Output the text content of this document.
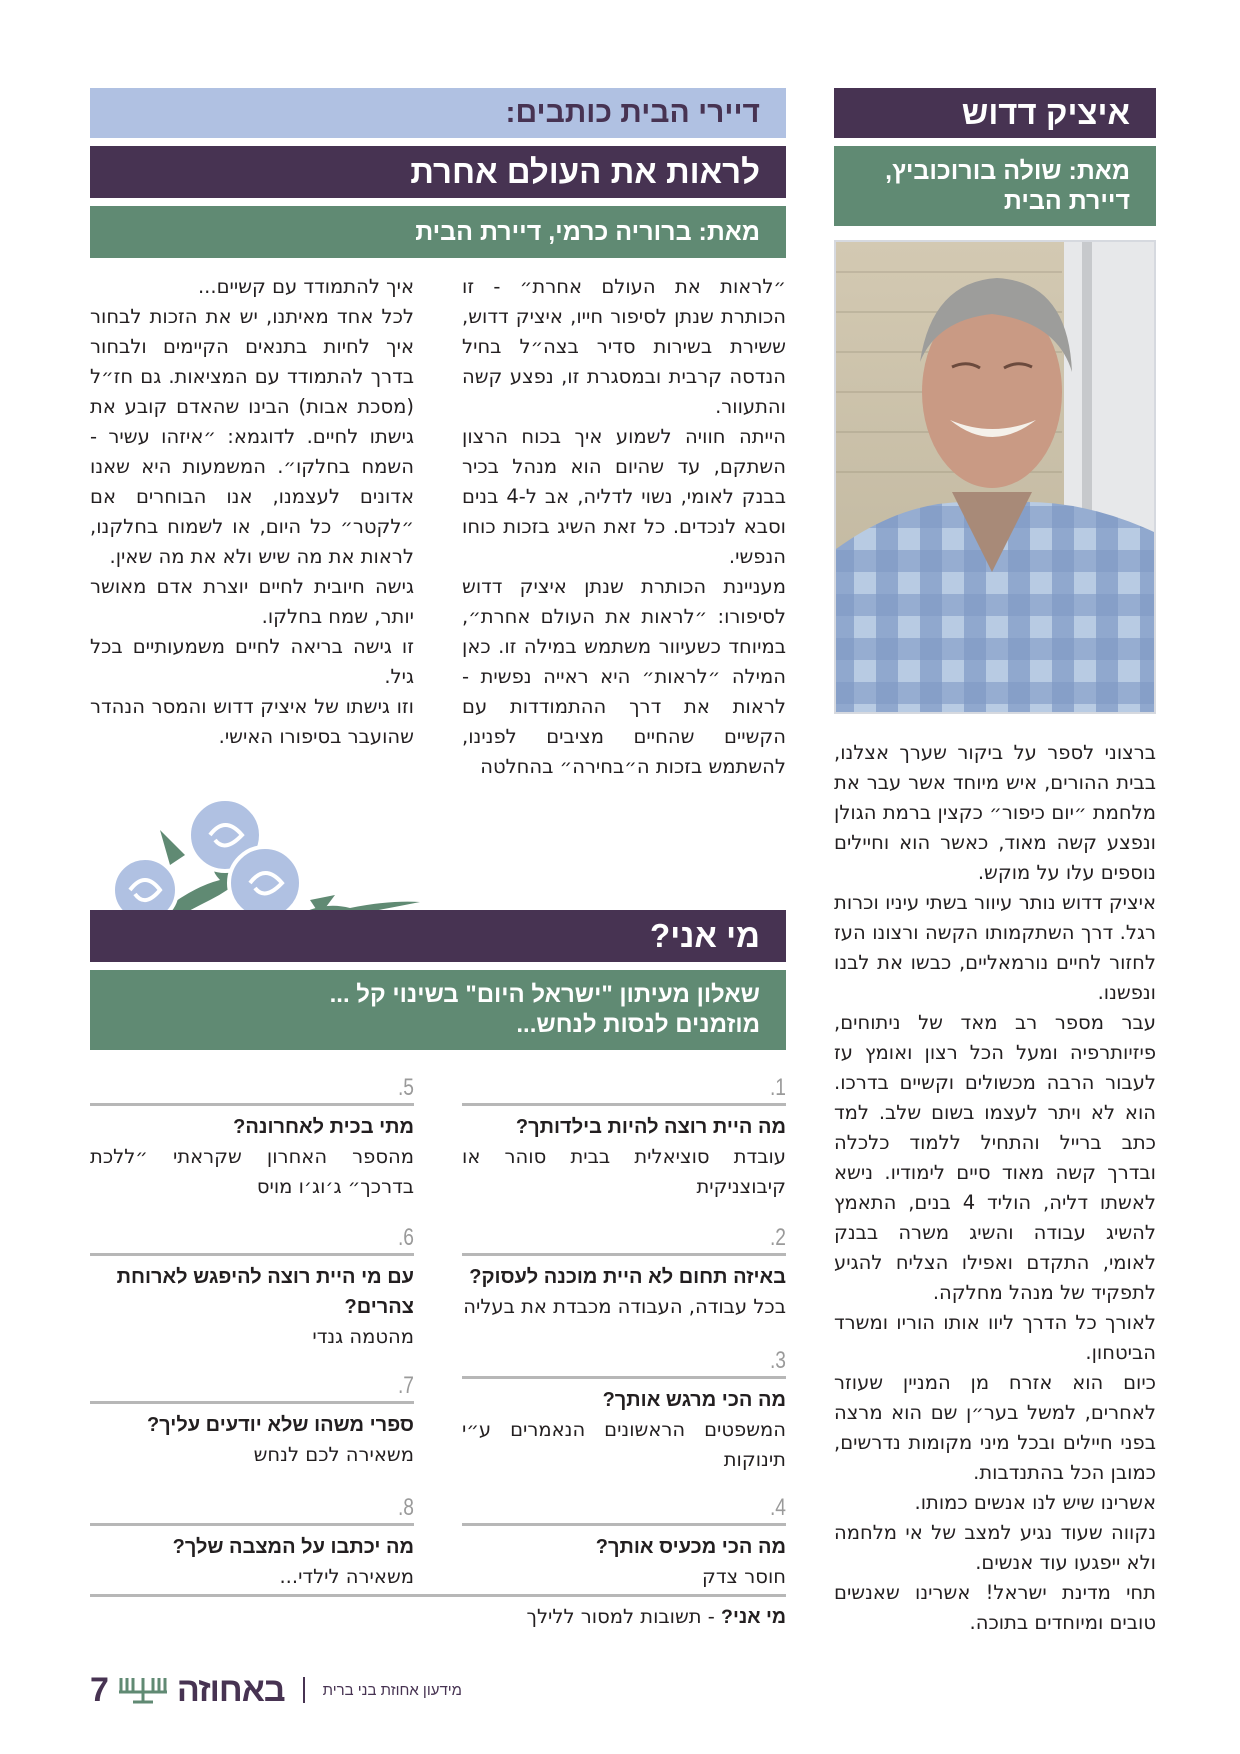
איציק דדוש
מאת: שולה בורוכוביץ,
דיירת הבית

ברצוני לספר על ביקור שערך אצלנו, בבית ההורים, איש מיוחד אשר עבר את מלחמת ״יום כיפור״ כקצין ברמת הגולן ונפצע קשה מאוד, כאשר הוא וחיילים נוספים עלו על מוקש.

איציק דדוש נותר עיוור בשתי עיניו וכרות רגל. דרך השתקמותו הקשה ורצונו העז לחזור לחיים נורמאליים, כבשו את לבנו ונפשנו.

עבר מספר רב מאד של ניתוחים, פיזיותרפיה ומעל הכל רצון ואומץ עז לעבור הרבה מכשולים וקשיים בדרכו. הוא לא ויתר לעצמו בשום שלב. למד כתב ברייל והתחיל ללמוד כלכלה ובדרך קשה מאוד סיים לימודיו. נישא לאשתו דליה, הוליד 4 בנים, התאמץ להשיג עבודה והשיג משרה בבנק לאומי, התקדם ואפילו הצליח להגיע לתפקיד של מנהל מחלקה.

לאורך כל הדרך ליוו אותו הוריו ומשרד הביטחון.

כיום הוא אזרח מן המניין שעוזר לאחרים, למשל בער״ן שם הוא מרצה בפני חיילים ובכל מיני מקומות נדרשים, כמובן הכל בהתנדבות.

אשרינו שיש לנו אנשים כמותו.

נקווה שעוד נגיע למצב של אי מלחמה ולא ייפגעו עוד אנשים.

תחי מדינת ישראל! אשרינו שאנשים טובים ומיוחדים בתוכה.

דיירי הבית כותבים:
לראות את העולם אחרת
מאת: ברוריה כרמי, דיירת הבית

״לראות את העולם אחרת״ - זו הכותרת שנתן לסיפור חייו, איציק דדוש, ששירת בשירות סדיר בצה״ל בחיל הנדסה קרבית ובמסגרת זו, נפצע קשה והתעוור.

הייתה חוויה לשמוע איך בכוח הרצון השתקם, עד שהיום הוא מנהל בכיר בבנק לאומי, נשוי לדליה, אב ל-4 בנים וסבא לנכדים. כל זאת השיג בזכות כוחו הנפשי.

מעניינת הכותרת שנתן איציק דדוש לסיפורו: ״לראות את העולם אחרת״, במיוחד כשעיוור משתמש במילה זו. כאן המילה ״לראות״ היא ראייה נפשית - לראות את דרך ההתמודדות עם הקשיים שהחיים מציבים לפנינו, להשתמש בזכות ה״בחירה״ בהחלטה

איך להתמודד עם קשיים...

לכל אחד מאיתנו, יש את הזכות לבחור איך לחיות בתנאים הקיימים ולבחור בדרך להתמודד עם המציאות. גם חז״ל (מסכת אבות) הבינו שהאדם קובע את גישתו לחיים. לדוגמא: ״איזהו עשיר - השמח בחלקו״. המשמעות היא שאנו אדונים לעצמנו, אנו הבוחרים אם ״לקטר״ כל היום, או לשמוח בחלקנו, לראות את מה שיש ולא את מה שאין.

גישה חיובית לחיים יוצרת אדם מאושר יותר, שמח בחלקו.

זו גישה בריאה לחיים משמעותיים בכל גיל.

וזו גישתו של איציק דדוש והמסר הנהדר שהועבר בסיפורו האישי.

מי אני?
שאלון מעיתון "ישראל היום" בשינוי קל ...
מוזמנים לנסות לנחש...
1.
מה היית רוצה להיות בילדותך?
עובדת סוציאלית בבית סוהר או קיבוצניקית
2.
באיזה תחום לא היית מוכנה לעסוק?
בכל עבודה, העבודה מכבדת את בעליה
3.
מה הכי מרגש אותך?
המשפטים הראשונים הנאמרים ע״י תינוקות
4.
מה הכי מכעיס אותך?
חוסר צדק
5.
מתי בכית לאחרונה?
מהספר האחרון שקראתי ״ללכת בדרכך״ ג׳וג׳ו מויס
6.
עם מי היית רוצה להיפגש לארוחת צהרים?
מהטמה גנדי
7.
ספרי משהו שלא יודעים עליך?
משאירה לכם לנחש
8.
מה יכתבו על המצבה שלך?
משאירה לילדי...
מי אני? - תשובות למסור ללילך
7 באחוזה	מידעון אחוזת בני ברית
